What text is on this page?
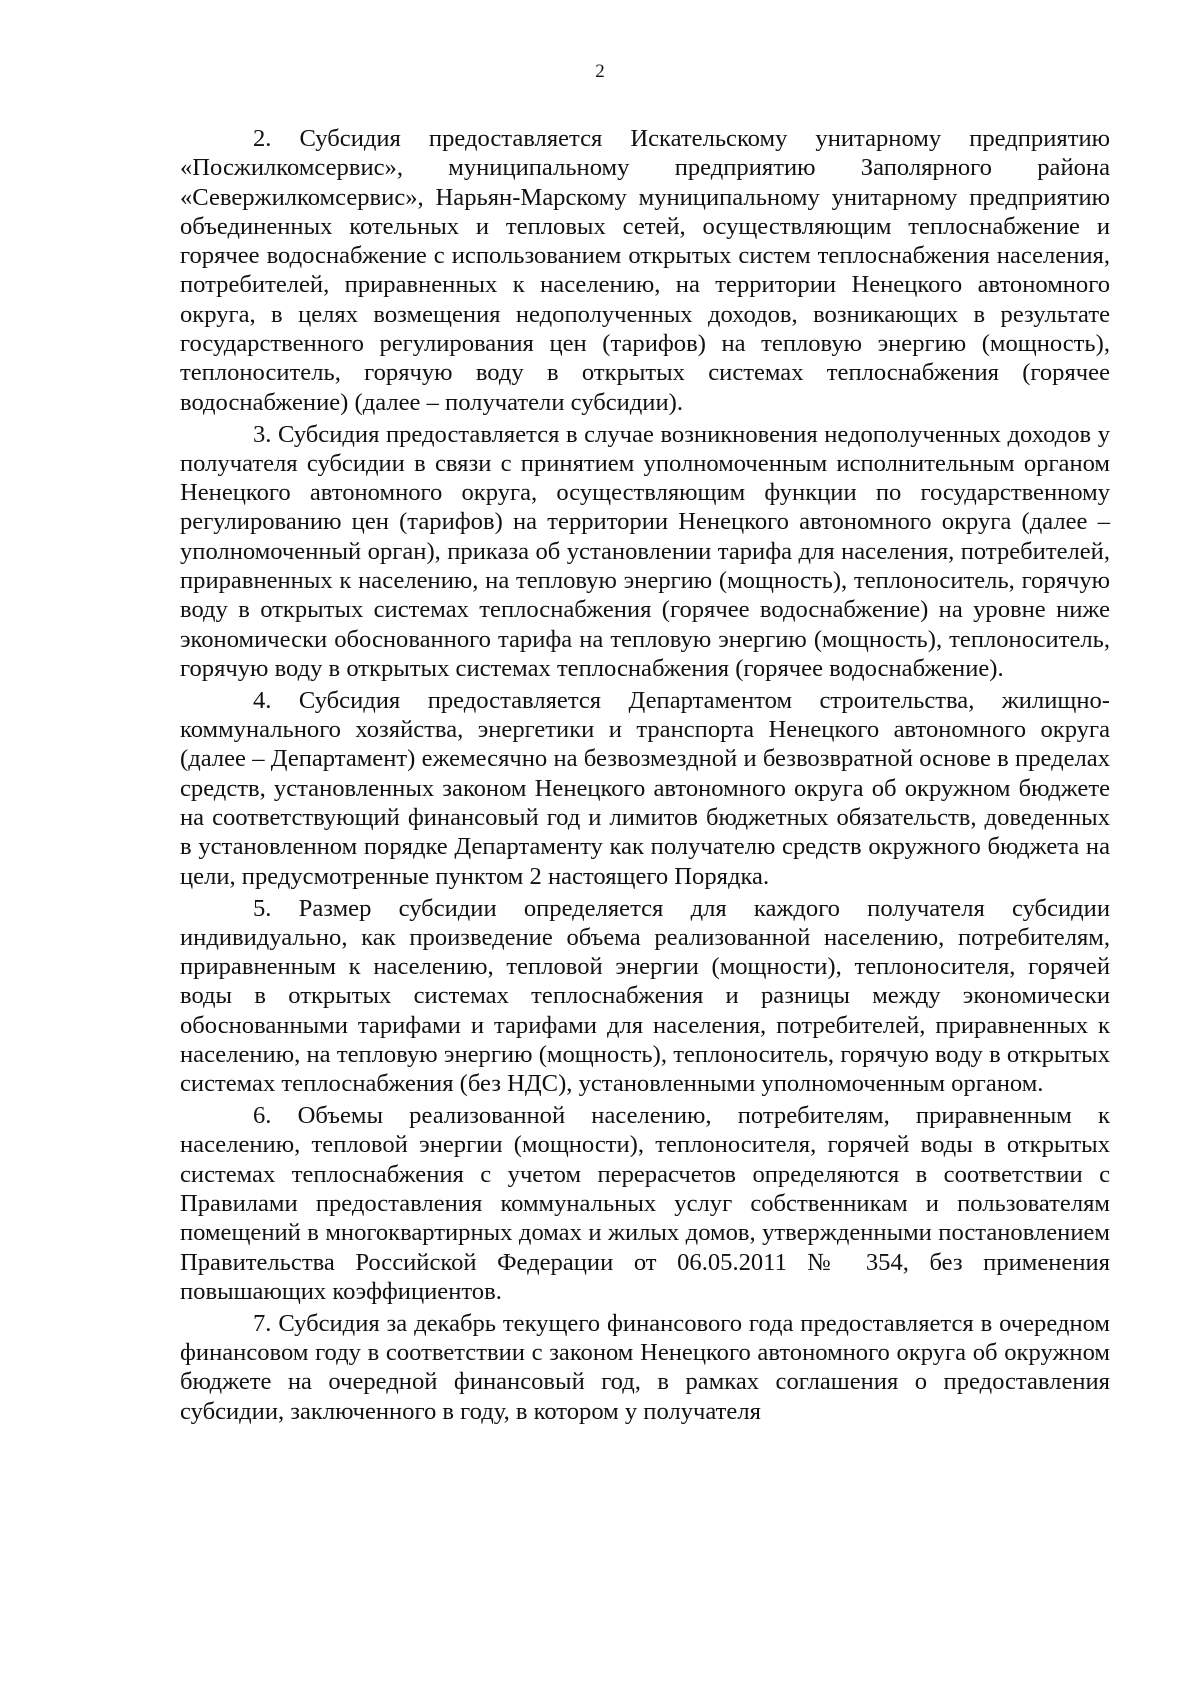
2

2. Субсидия предоставляется Искательскому унитарному предприятию «Посжилкомсервис», муниципальному предприятию Заполярного района «Севержилкомсервис», Нарьян-Марскому муниципальному унитарному предприятию объединенных котельных и тепловых сетей, осуществляющим теплоснабжение и горячее водоснабжение с использованием открытых систем теплоснабжения населения, потребителей, приравненных к населению, на территории Ненецкого автономного округа, в целях возмещения недополученных доходов, возникающих в результате государственного регулирования цен (тарифов) на тепловую энергию (мощность), теплоноситель, горячую воду в открытых системах теплоснабжения (горячее водоснабжение) (далее – получатели субсидии).

3. Субсидия предоставляется в случае возникновения недополученных доходов у получателя субсидии в связи с принятием уполномоченным исполнительным органом Ненецкого автономного округа, осуществляющим функции по государственному регулированию цен (тарифов) на территории Ненецкого автономного округа (далее – уполномоченный орган), приказа об установлении тарифа для населения, потребителей, приравненных к населению, на тепловую энергию (мощность), теплоноситель, горячую воду в открытых системах теплоснабжения (горячее водоснабжение) на уровне ниже экономически обоснованного тарифа на тепловую энергию (мощность), теплоноситель, горячую воду в открытых системах теплоснабжения (горячее водоснабжение).

4. Субсидия предоставляется Департаментом строительства, жилищно-коммунального хозяйства, энергетики и транспорта Ненецкого автономного округа (далее – Департамент) ежемесячно на безвозмездной и безвозвратной основе в пределах средств, установленных законом Ненецкого автономного округа об окружном бюджете на соответствующий финансовый год и лимитов бюджетных обязательств, доведенных в установленном порядке Департаменту как получателю средств окружного бюджета на цели, предусмотренные пунктом 2 настоящего Порядка.

5. Размер субсидии определяется для каждого получателя субсидии индивидуально, как произведение объема реализованной населению, потребителям, приравненным к населению, тепловой энергии (мощности), теплоносителя, горячей воды в открытых системах теплоснабжения и разницы между экономически обоснованными тарифами и тарифами для населения, потребителей, приравненных к населению, на тепловую энергию (мощность), теплоноситель, горячую воду в открытых системах теплоснабжения (без НДС), установленными уполномоченным органом.

6. Объемы реализованной населению, потребителям, приравненным к населению, тепловой энергии (мощности), теплоносителя, горячей воды в открытых системах теплоснабжения с учетом перерасчетов определяются в соответствии с Правилами предоставления коммунальных услуг собственникам и пользователям помещений в многоквартирных домах и жилых домов, утвержденными постановлением Правительства Российской Федерации от 06.05.2011 № 354, без применения повышающих коэффициентов.

7. Субсидия за декабрь текущего финансового года предоставляется в очередном финансовом году в соответствии с законом Ненецкого автономного округа об окружном бюджете на очередной финансовый год, в рамках соглашения о предоставления субсидии, заключенного в году, в котором у получателя
